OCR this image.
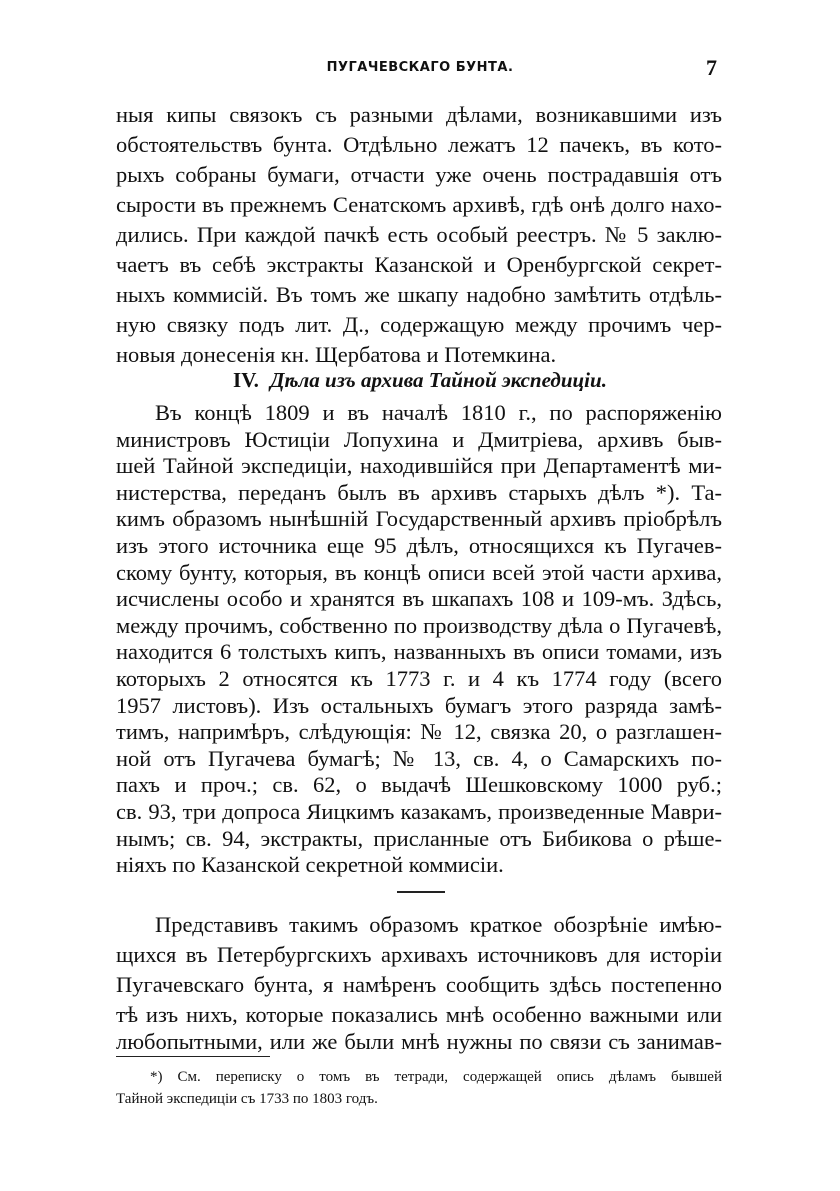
ПУГАЧЕВСКАГО БУНТА.	7
ныя кипы связокъ съ разными дѣлами, возникавшими изъ
обстоятельствъ бунта. Отдѣльно лежатъ 12 пачекъ, въ кото-
рыхъ собраны бумаги, отчасти уже очень пострадавшія отъ
сырости въ прежнемъ Сенатскомъ архивѣ, гдѣ онѣ долго нахо-
дились. При каждой пачкѣ есть особый реестръ. № 5 заклю-
чаетъ въ себѣ экстракты Казанской и Оренбургской секрет-
ныхъ коммисій. Въ томъ же шкапу надобно замѣтить отдѣль-
ную связку подъ лит. Д., содержащую между прочимъ чер-
новыя донесенія кн. Щербатова и Потемкина.
IV. Дѣла изъ архива Тайной экспедиціи.
Въ концѣ 1809 и въ началѣ 1810 г., по распоряженію
министровъ Юстиціи Лопухина и Дмитріева, архивъ быв-
шей Тайной экспедиціи, находившійся при Департаментѣ ми-
нистерства, переданъ былъ въ архивъ старыхъ дѣлъ *). Та-
кимъ образомъ нынѣшній Государственный архивъ пріобрѣлъ
изъ этого источника еще 95 дѣлъ, относящихся къ Пугачев-
скому бунту, которыя, въ концѣ описи всей этой части архива,
исчислены особо и хранятся въ шкапахъ 108 и 109-мъ. Здѣсь,
между прочимъ, собственно по производству дѣла о Пугачевѣ,
находится 6 толстыхъ кипъ, названныхъ въ описи томами, изъ
которыхъ 2 относятся къ 1773 г. и 4 къ 1774 году (всего
1957 листовъ). Изъ остальныхъ бумагъ этого разряда замѣ-
тимъ, напримѣръ, слѣдующія: № 12, связка 20, о разглашен-
ной отъ Пугачева бумагѣ; № 13, св. 4, о Самарскихъ по-
пахъ и проч.; св. 62, о выдачѣ Шешковскому 1000 руб.;
св. 93, три допроса Яицкимъ казакамъ, произведенные Маври-
нымъ; св. 94, экстракты, присланные отъ Бибикова о рѣше-
ніяхъ по Казанской секретной коммисіи.
Представивъ такимъ образомъ краткое обозрѣніе имѣю-
щихся въ Петербургскихъ архивахъ источниковъ для исторіи
Пугачевскаго бунта, я намѣренъ сообщить здѣсь постепенно
тѣ изъ нихъ, которые показались мнѣ особенно важными или
любопытными, или же были мнѣ нужны по связи съ занимав-
*) См. переписку о томъ въ тетради, содержащей опись дѣламъ бывшей
Тайной экспедиціи съ 1733 по 1803 годъ.
